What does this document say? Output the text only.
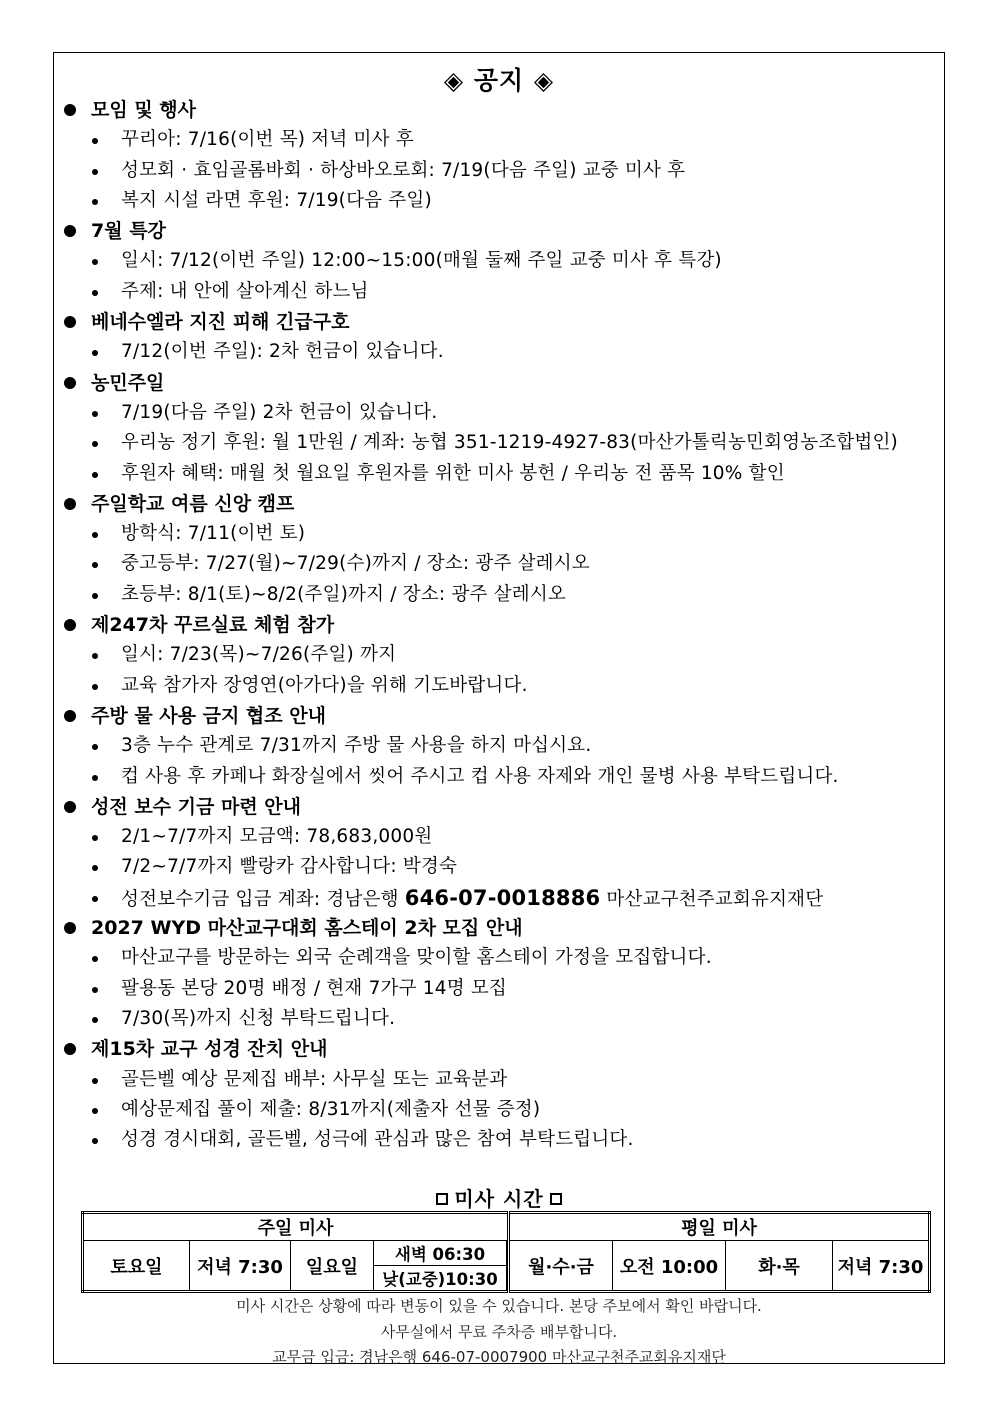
◈ 공지 ◈
모임 및 행사
꾸리아: 7/16(이번 목) 저녁 미사 후
성모회 · 효임골롬바회 · 하상바오로회: 7/19(다음 주일) 교중 미사 후
복지 시설 라면 후원: 7/19(다음 주일)
7월 특강
일시: 7/12(이번 주일) 12:00~15:00(매월 둘째 주일 교중 미사 후 특강)
주제: 내 안에 살아계신 하느님
베네수엘라 지진 피해 긴급구호
7/12(이번 주일): 2차 헌금이 있습니다.
농민주일
7/19(다음 주일) 2차 헌금이 있습니다.
우리농 정기 후원: 월 1만원 / 계좌: 농협 351-1219-4927-83(마산가톨릭농민회영농조합법인)
후원자 혜택: 매월 첫 월요일 후원자를 위한 미사 봉헌 / 우리농 전 품목 10% 할인
주일학교 여름 신앙 캠프
방학식: 7/11(이번 토)
중고등부: 7/27(월)~7/29(수)까지 / 장소: 광주 살레시오
초등부: 8/1(토)~8/2(주일)까지 / 장소: 광주 살레시오
제247차 꾸르실료 체험 참가
일시: 7/23(목)~7/26(주일) 까지
교육 참가자 장영연(아가다)을 위해 기도바랍니다.
주방 물 사용 금지 협조 안내
3층 누수 관계로 7/31까지 주방 물 사용을 하지 마십시요.
컵 사용 후 카페나 화장실에서 씻어 주시고 컵 사용 자제와 개인 물병 사용 부탁드립니다.
성전 보수 기금 마련 안내
2/1~7/7까지 모금액: 78,683,000원
7/2~7/7까지 빨랑카 감사합니다: 박경숙
성전보수기금 입금 계좌: 경남은행 646-07-0018886 마산교구천주교회유지재단
2027 WYD 마산교구대회 홈스테이 2차 모집 안내
마산교구를 방문하는 외국 순례객을 맞이할 홈스테이 가정을 모집합니다.
팔용동 본당 20명 배정 / 현재 7가구 14명 모집
7/30(목)까지 신청 부탁드립니다.
제15차 교구 성경 잔치 안내
골든벨 예상 문제집 배부: 사무실 또는 교육분과
예상문제집 풀이 제출: 8/31까지(제출자 선물 증정)
성경 경시대회, 골든벨, 성극에 관심과 많은 참여 부탁드립니다.
미사 시간
주일 미사					평일 미사			
토요일	저녁 7:30	일요일	새벽 06:30		월·수·금	오전 10:00	화·목	저녁 7:30
			낮(교중)10:30					
미사 시간은 상황에 따라 변동이 있을 수 있습니다. 본당 주보에서 확인 바랍니다.
사무실에서 무료 주차증 배부합니다.
교무금 입금: 경남은행 646-07-0007900 마산교구천주교회유지재단
